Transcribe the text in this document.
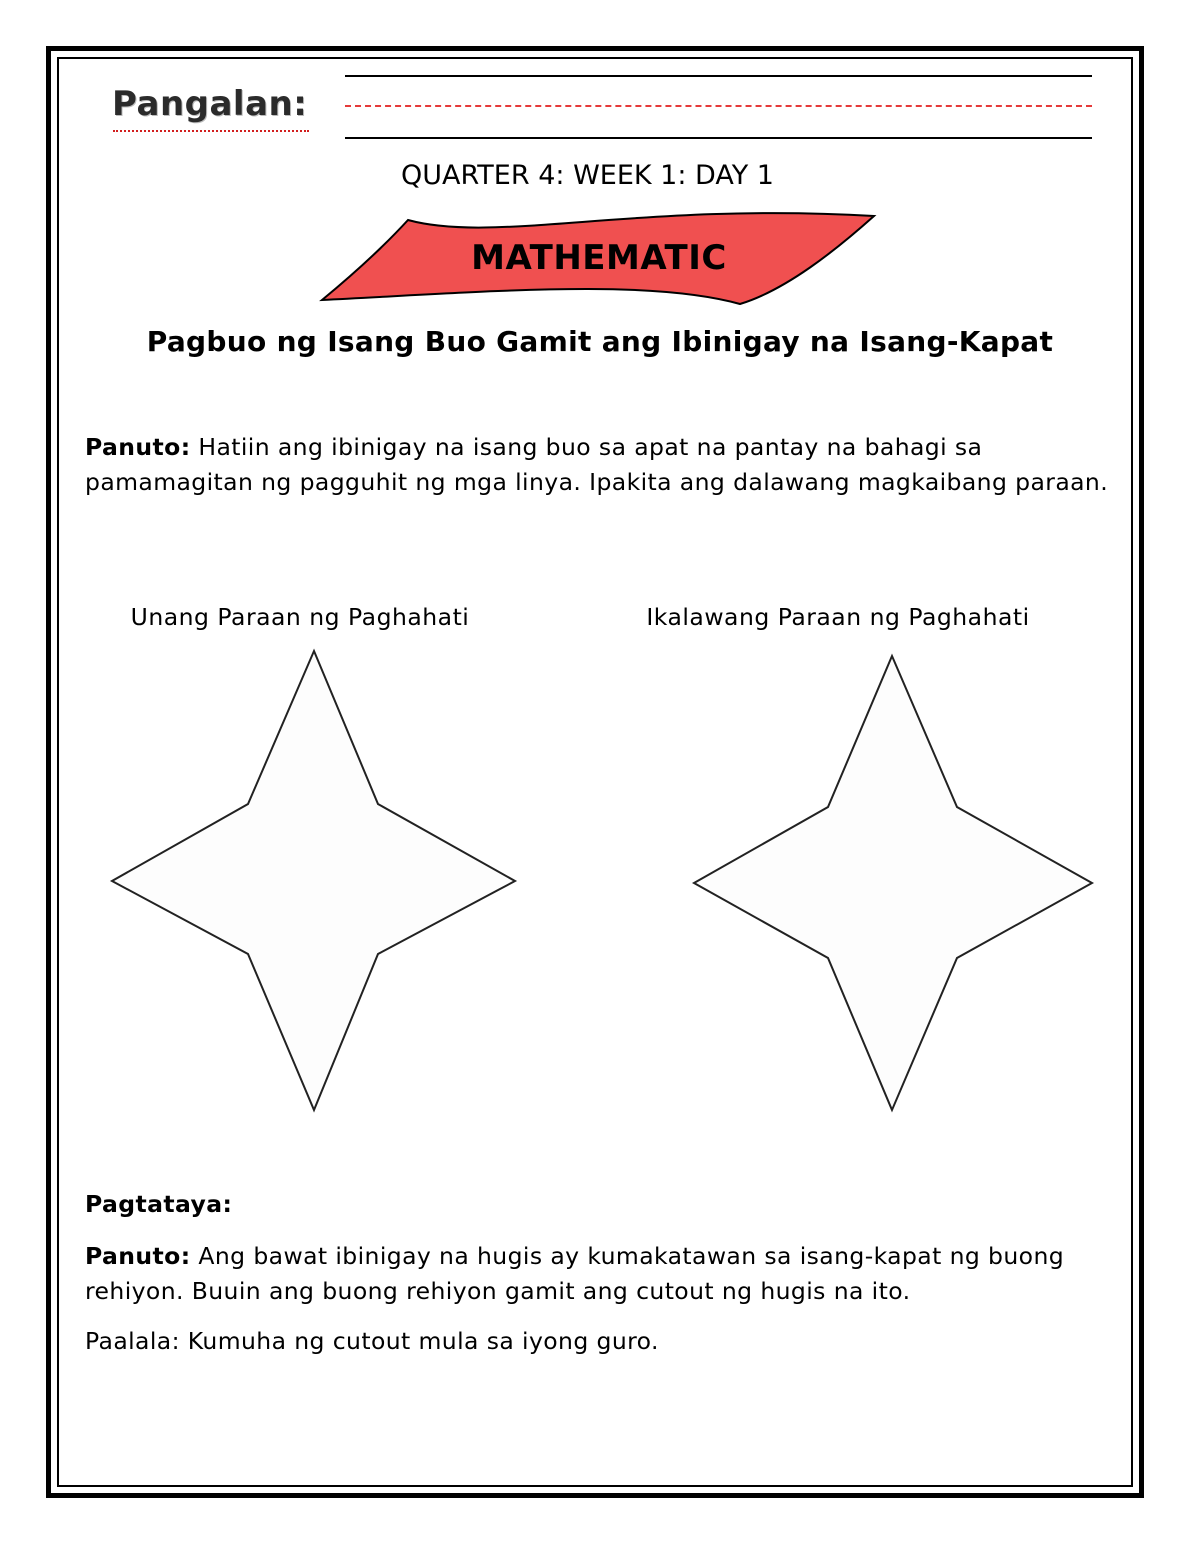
Pangalan:
QUARTER 4: WEEK 1: DAY 1
MATHEMATIC
Pagbuo ng Isang Buo Gamit ang Ibinigay na Isang-Kapat
Panuto: Hatiin ang ibinigay na isang buo sa apat na pantay na bahagi sa pamamagitan ng pagguhit ng mga linya. Ipakita ang dalawang magkaibang paraan.
Unang Paraan ng Paghahati	Ikalawang Paraan ng Paghahati
Pagtataya:
Panuto: Ang bawat ibinigay na hugis ay kumakatawan sa isang-kapat ng buong rehiyon. Buuin ang buong rehiyon gamit ang cutout ng hugis na ito.
Paalala: Kumuha ng cutout mula sa iyong guro.
